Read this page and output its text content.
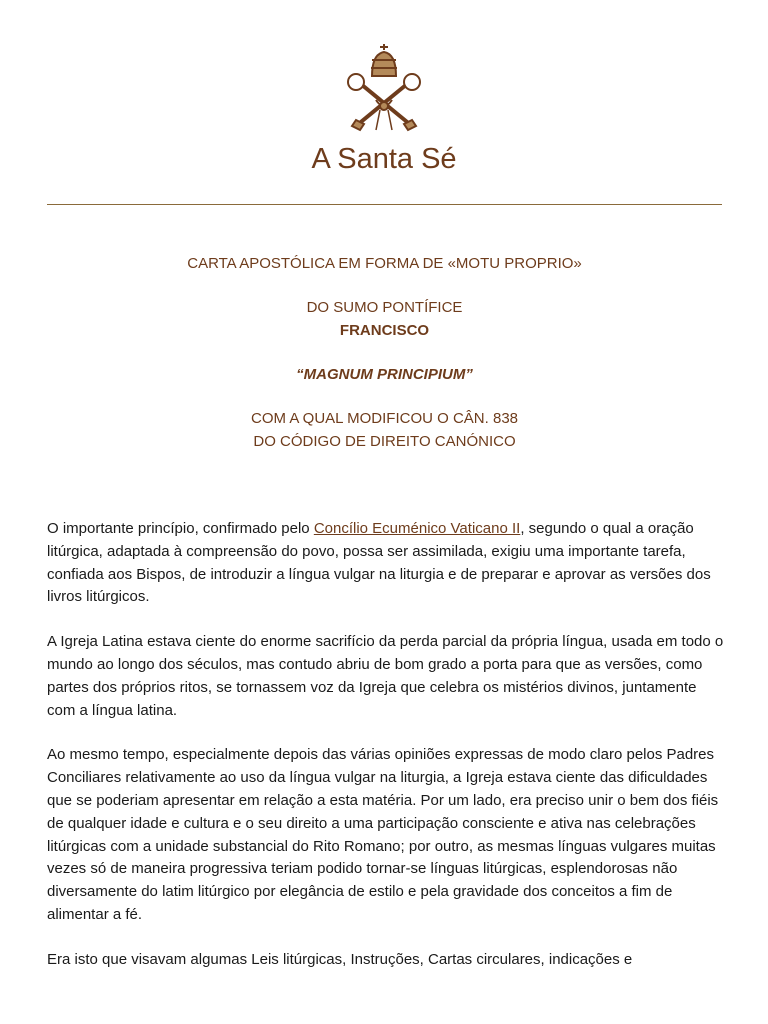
A Santa Sé

CARTA APOSTÓLICA EM FORMA DE «MOTU PROPRIO»

DO SUMO PONTÍFICE

FRANCISCO

“MAGNUM PRINCIPIUM”

COM A QUAL MODIFICOU O CÂN. 838

DO CÓDIGO DE DIREITO CANÓNICO

O importante princípio, confirmado pelo Concílio Ecuménico Vaticano II, segundo o qual a oração litúrgica, adaptada à compreensão do povo, possa ser assimilada, exigiu uma importante tarefa, confiada aos Bispos, de introduzir a língua vulgar na liturgia e de preparar e aprovar as versões dos livros litúrgicos.

A Igreja Latina estava ciente do enorme sacrifício da perda parcial da própria língua, usada em todo o mundo ao longo dos séculos, mas contudo abriu de bom grado a porta para que as versões, como partes dos próprios ritos, se tornassem voz da Igreja que celebra os mistérios divinos, juntamente com a língua latina.

Ao mesmo tempo, especialmente depois das várias opiniões expressas de modo claro pelos Padres Conciliares relativamente ao uso da língua vulgar na liturgia, a Igreja estava ciente das dificuldades que se poderiam apresentar em relação a esta matéria. Por um lado, era preciso unir o bem dos fiéis de qualquer idade e cultura e o seu direito a uma participação consciente e ativa nas celebrações litúrgicas com a unidade substancial do Rito Romano; por outro, as mesmas línguas vulgares muitas vezes só de maneira progressiva teriam podido tornar-se línguas litúrgicas, esplendorosas não diversamente do latim litúrgico por elegância de estilo e pela gravidade dos conceitos a fim de alimentar a fé.

Era isto que visavam algumas Leis litúrgicas, Instruções, Cartas circulares, indicações e
